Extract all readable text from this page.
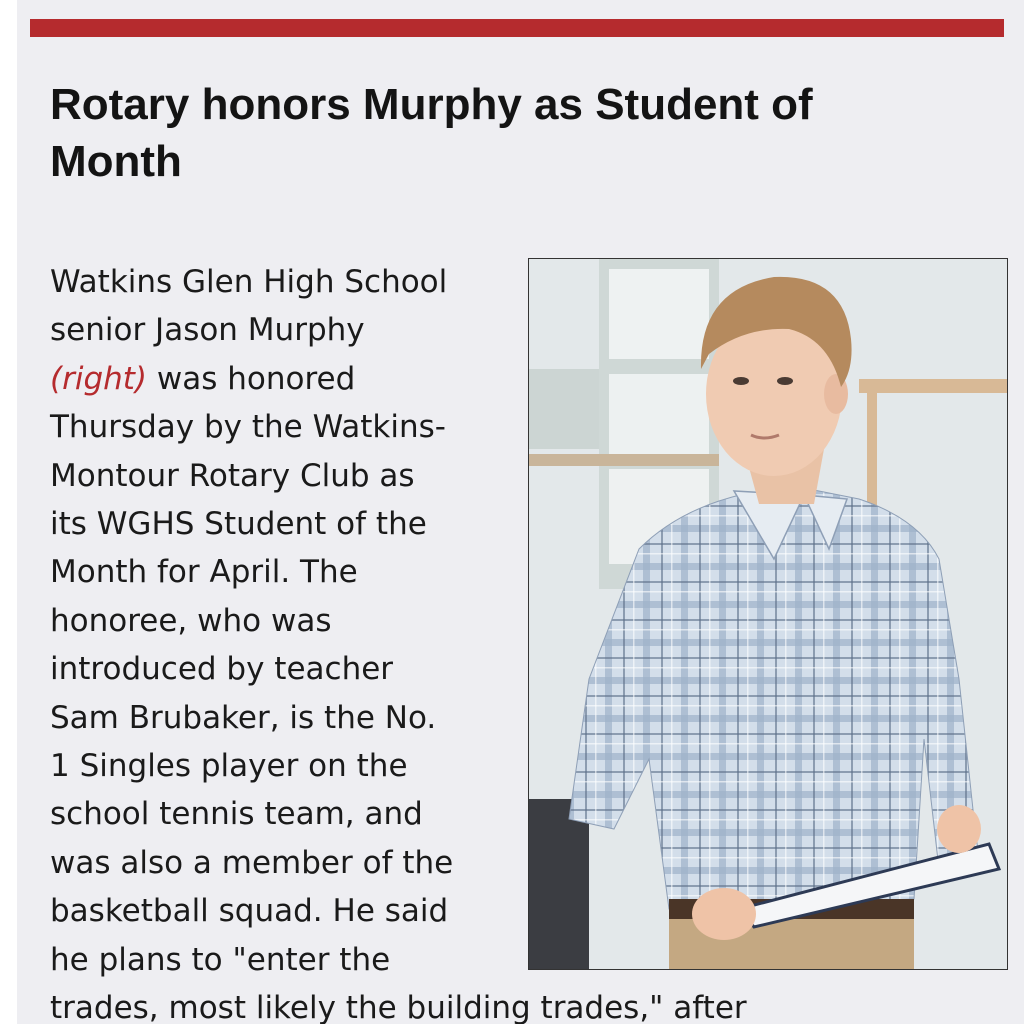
Rotary honors Murphy as Student of Month

Watkins Glen High School
senior Jason Murphy
(right) was honored
Thursday by the Watkins-
Montour Rotary Club as
its WGHS Student of the
Month for April. The
honoree, who was
introduced by teacher
Sam Brubaker, is the No.
1 Singles player on the
school tennis team, and
was also a member of the
basketball squad. He said
he plans to "enter the

trades, most likely the building trades," after
